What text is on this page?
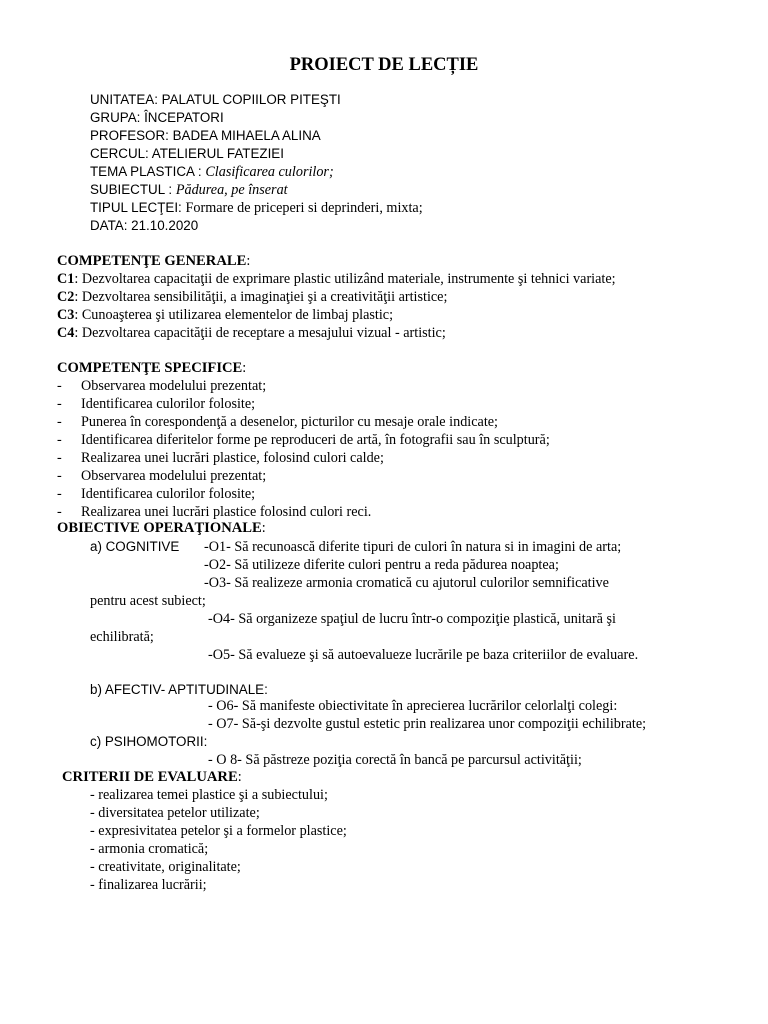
PROIECT DE LECȚIE
UNITATEA: PALATUL COPIILOR PITEŞTI
GRUPA: ÎNCEPATORI
PROFESOR: BADEA MIHAELA ALINA
CERCUL: ATELIERUL FATEZIEI
TEMA PLASTICA : Clasificarea culorilor;
SUBIECTUL : Pădurea, pe înserat
TIPUL LECŢEI: Formare de priceperi si deprinderi, mixta;
DATA: 21.10.2020
COMPETENŢE GENERALE:
C1: Dezvoltarea capacitaţii de exprimare plastic utilizând materiale, instrumente şi tehnici variate;
C2: Dezvoltarea sensibilităţii, a imaginaţiei şi a creativităţii artistice;
C3: Cunoaşterea şi utilizarea elementelor de limbaj plastic;
C4: Dezvoltarea capacităţii de receptare a mesajului vizual - artistic;
COMPETENŢE SPECIFICE:
- Observarea modelului prezentat;
- Identificarea culorilor folosite;
- Punerea în corespondenţă a desenelor, picturilor cu mesaje orale indicate;
- Identificarea diferitelor forme pe reproduceri de artă, în fotografii sau în sculptură;
- Realizarea unei lucrări plastice, folosind culori calde;
- Observarea modelului prezentat;
- Identificarea culorilor folosite;
- Realizarea unei lucrări plastice folosind culori reci.
OBIECTIVE OPERAŢIONALE:
a) COGNITIVE -O1- Să recunoască diferite tipuri de culori în natura si in imagini de arta;
-O2- Să utilizeze diferite culori pentru a reda pădurea noaptea;
-O3- Să realizeze armonia cromatică cu ajutorul culorilor semnificative
pentru acest subiect;
-O4- Să organizeze spaţiul de lucru într-o compoziţie plastică, unitară şi
echilibrată;
-O5- Să evalueze şi să autoevalueze lucrările pe baza criteriilor de evaluare.
b) AFECTIV- APTITUDINALE:
- O6- Să manifeste obiectivitate în aprecierea lucrărilor celorlalţi colegi:
- O7- Să-şi dezvolte gustul estetic prin realizarea unor compoziţii echilibrate;
c) PSIHOMOTORII:
- O 8- Să păstreze poziţia corectă în bancă pe parcursul activităţii;
CRITERII DE EVALUARE:
- realizarea temei plastice şi a subiectului;
- diversitatea petelor utilizate;
- expresivitatea petelor şi a formelor plastice;
- armonia cromatică;
- creativitate, originalitate;
- finalizarea lucrării;
